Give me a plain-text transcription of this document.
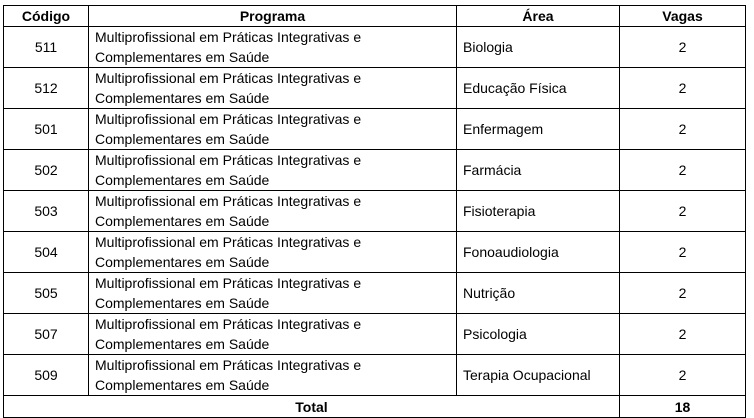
Código	Programa	Área	Vagas
511	Multiprofissional em Práticas Integrativas e
Complementares em Saúde	Biologia	2
512	Multiprofissional em Práticas Integrativas e
Complementares em Saúde	Educação Física	2
501	Multiprofissional em Práticas Integrativas e
Complementares em Saúde	Enfermagem	2
502	Multiprofissional em Práticas Integrativas e
Complementares em Saúde	Farmácia	2
503	Multiprofissional em Práticas Integrativas e
Complementares em Saúde	Fisioterapia	2
504	Multiprofissional em Práticas Integrativas e
Complementares em Saúde	Fonoaudiologia	2
505	Multiprofissional em Práticas Integrativas e
Complementares em Saúde	Nutrição	2
507	Multiprofissional em Práticas Integrativas e
Complementares em Saúde	Psicologia	2
509	Multiprofissional em Práticas Integrativas e
Complementares em Saúde	Terapia Ocupacional	2
Total			18
